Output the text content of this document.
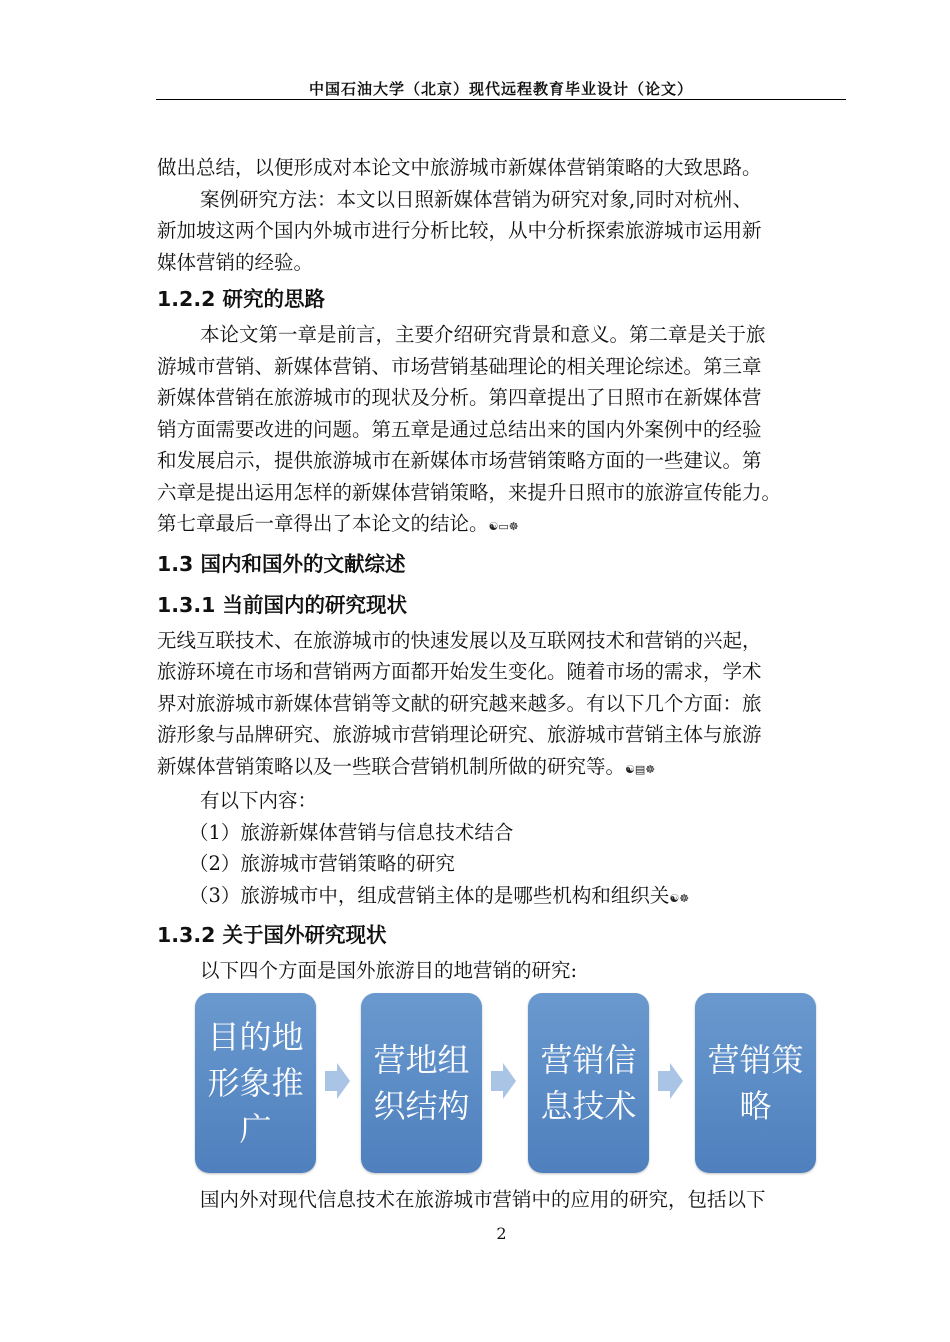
中国石油大学（北京）现代远程教育毕业设计（论文）

做出总结，以便形成对本论文中旅游城市新媒体营销策略的大致思路。

案例研究方法：本文以日照新媒体营销为研究对象,同时对杭州、

新加坡这两个国内外城市进行分析比较，从中分析探索旅游城市运用新

媒体营销的经验。

1.2.2 研究的思路

本论文第一章是前言，主要介绍研究背景和意义。第二章是关于旅

游城市营销、新媒体营销、市场营销基础理论的相关理论综述。第三章

新媒体营销在旅游城市的现状及分析。第四章提出了日照市在新媒体营

销方面需要改进的问题。第五章是通过总结出来的国内外案例中的经验

和发展启示，提供旅游城市在新媒体市场营销策略方面的一些建议。第

六章是提出运用怎样的新媒体营销策略，来提升日照市的旅游宣传能力。

第七章最后一章得出了本论文的结论。☯▭☸

1.3 国内和国外的文献综述
1.3.1 当前国内的研究现状

无线互联技术、在旅游城市的快速发展以及互联网技术和营销的兴起，

旅游环境在市场和营销两方面都开始发生变化。随着市场的需求，学术

界对旅游城市新媒体营销等文献的研究越来越多。有以下几个方面：旅

游形象与品牌研究、旅游城市营销理论研究、旅游城市营销主体与旅游

新媒体营销策略以及一些联合营销机制所做的研究等。☯▤☸

有以下内容：

（1）旅游新媒体营销与信息技术结合

（2）旅游城市营销策略的研究

（3）旅游城市中，组成营销主体的是哪些机构和组织关☯☸

1.3.2 关于国外研究现状

以下四个方面是国外旅游目的地营销的研究:

目的地
形象推
广
营地组
织结构
营销信
息技术
营销策
略

国内外对现代信息技术在旅游城市营销中的应用的研究，包括以下

2
